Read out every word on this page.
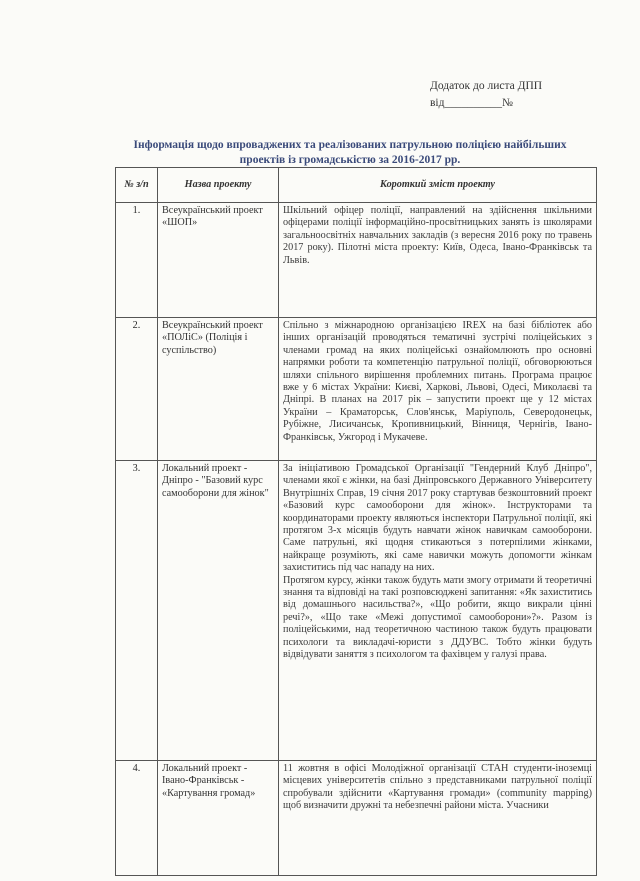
Додаток до листа ДПП
від__________№
Інформація щодо впроваджених та реалізованих патрульною поліцією найбільших проектів із громадськістю за 2016-2017 рр.
№ з/п	Назва проекту	Короткий зміст проекту
1.	Всеукраїнський проект «ШОП»	Шкільний офіцер поліції, направлений на здійснення шкільними офіцерами поліції інформаційно-просвітницьких занять із школярами загальноосвітніх навчальних закладів (з вересня 2016 року по травень 2017 року). Пілотні міста проекту: Київ, Одеса, Івано-Франківськ та Львів.
2.	Всеукраїнський проект «ПОЛіС» (Поліція і суспільство)	Спільно з міжнародною організацією IREX на базі бібліотек або інших організацій проводяться тематичні зустрічі поліцейських з членами громад на яких поліцейські ознайомлюють про основні напрямки роботи та компетенцію патрульної поліції, обговорюються шляхи спільного вирішення проблемних питань. Програма працює вже у 6 містах України: Києві, Харкові, Львові, Одесі, Миколаєві та Дніпрі. В планах на 2017 рік – запустити проект ще у 12 містах України – Краматорськ, Слов'янськ, Маріуполь, Северодонецьк, Рубіжне, Лисичанськ, Кропивницький, Вінниця, Чернігів, Івано-Франківськ, Ужгород і Мукачеве.
3.	Локальний проект - Дніпро - "Базовий курс самооборони для жінок"	За ініціативою Громадської Організації "Гендерний Клуб Дніпро", членами якої є жінки, на базі Дніпровського Державного Університету Внутрішніх Справ, 19 січня 2017 року стартував безкоштовний проект «Базовий курс самооборони для жінок». Інструкторами та координаторами проекту являються інспектори Патрульної поліції, які протягом 3-х місяців будуть навчати жінок навичкам самооборони. Саме патрульні, які щодня стикаються з потерпілими жінками, найкраще розуміють, які саме навички можуть допомогти жінкам захиститись під час нападу на них.
Протягом курсу, жінки також будуть мати змогу отримати й теоретичні знання та відповіді на такі розповсюджені запитання: «Як захиститись від домашнього насильства?», «Що робити, якщо викрали цінні речі?», «Що таке «Межі допустимої самооборони»?». Разом із поліцейськими, над теоретичною частиною також будуть працювати психологи та викладачі-юристи з ДДУВС. Тобто жінки будуть відвідувати заняття з психологом та фахівцем у галузі права.

4.	Локальний проект - Івано-Франківськ - «Картування громад»	11 жовтня в офісі Молодіжної організації СТАН студенти-іноземці місцевих університетів спільно з представниками патрульної поліції спробували здійснити «Картування громади» (community mapping) щоб визначити дружні та небезпечні райони міста. Учасники
